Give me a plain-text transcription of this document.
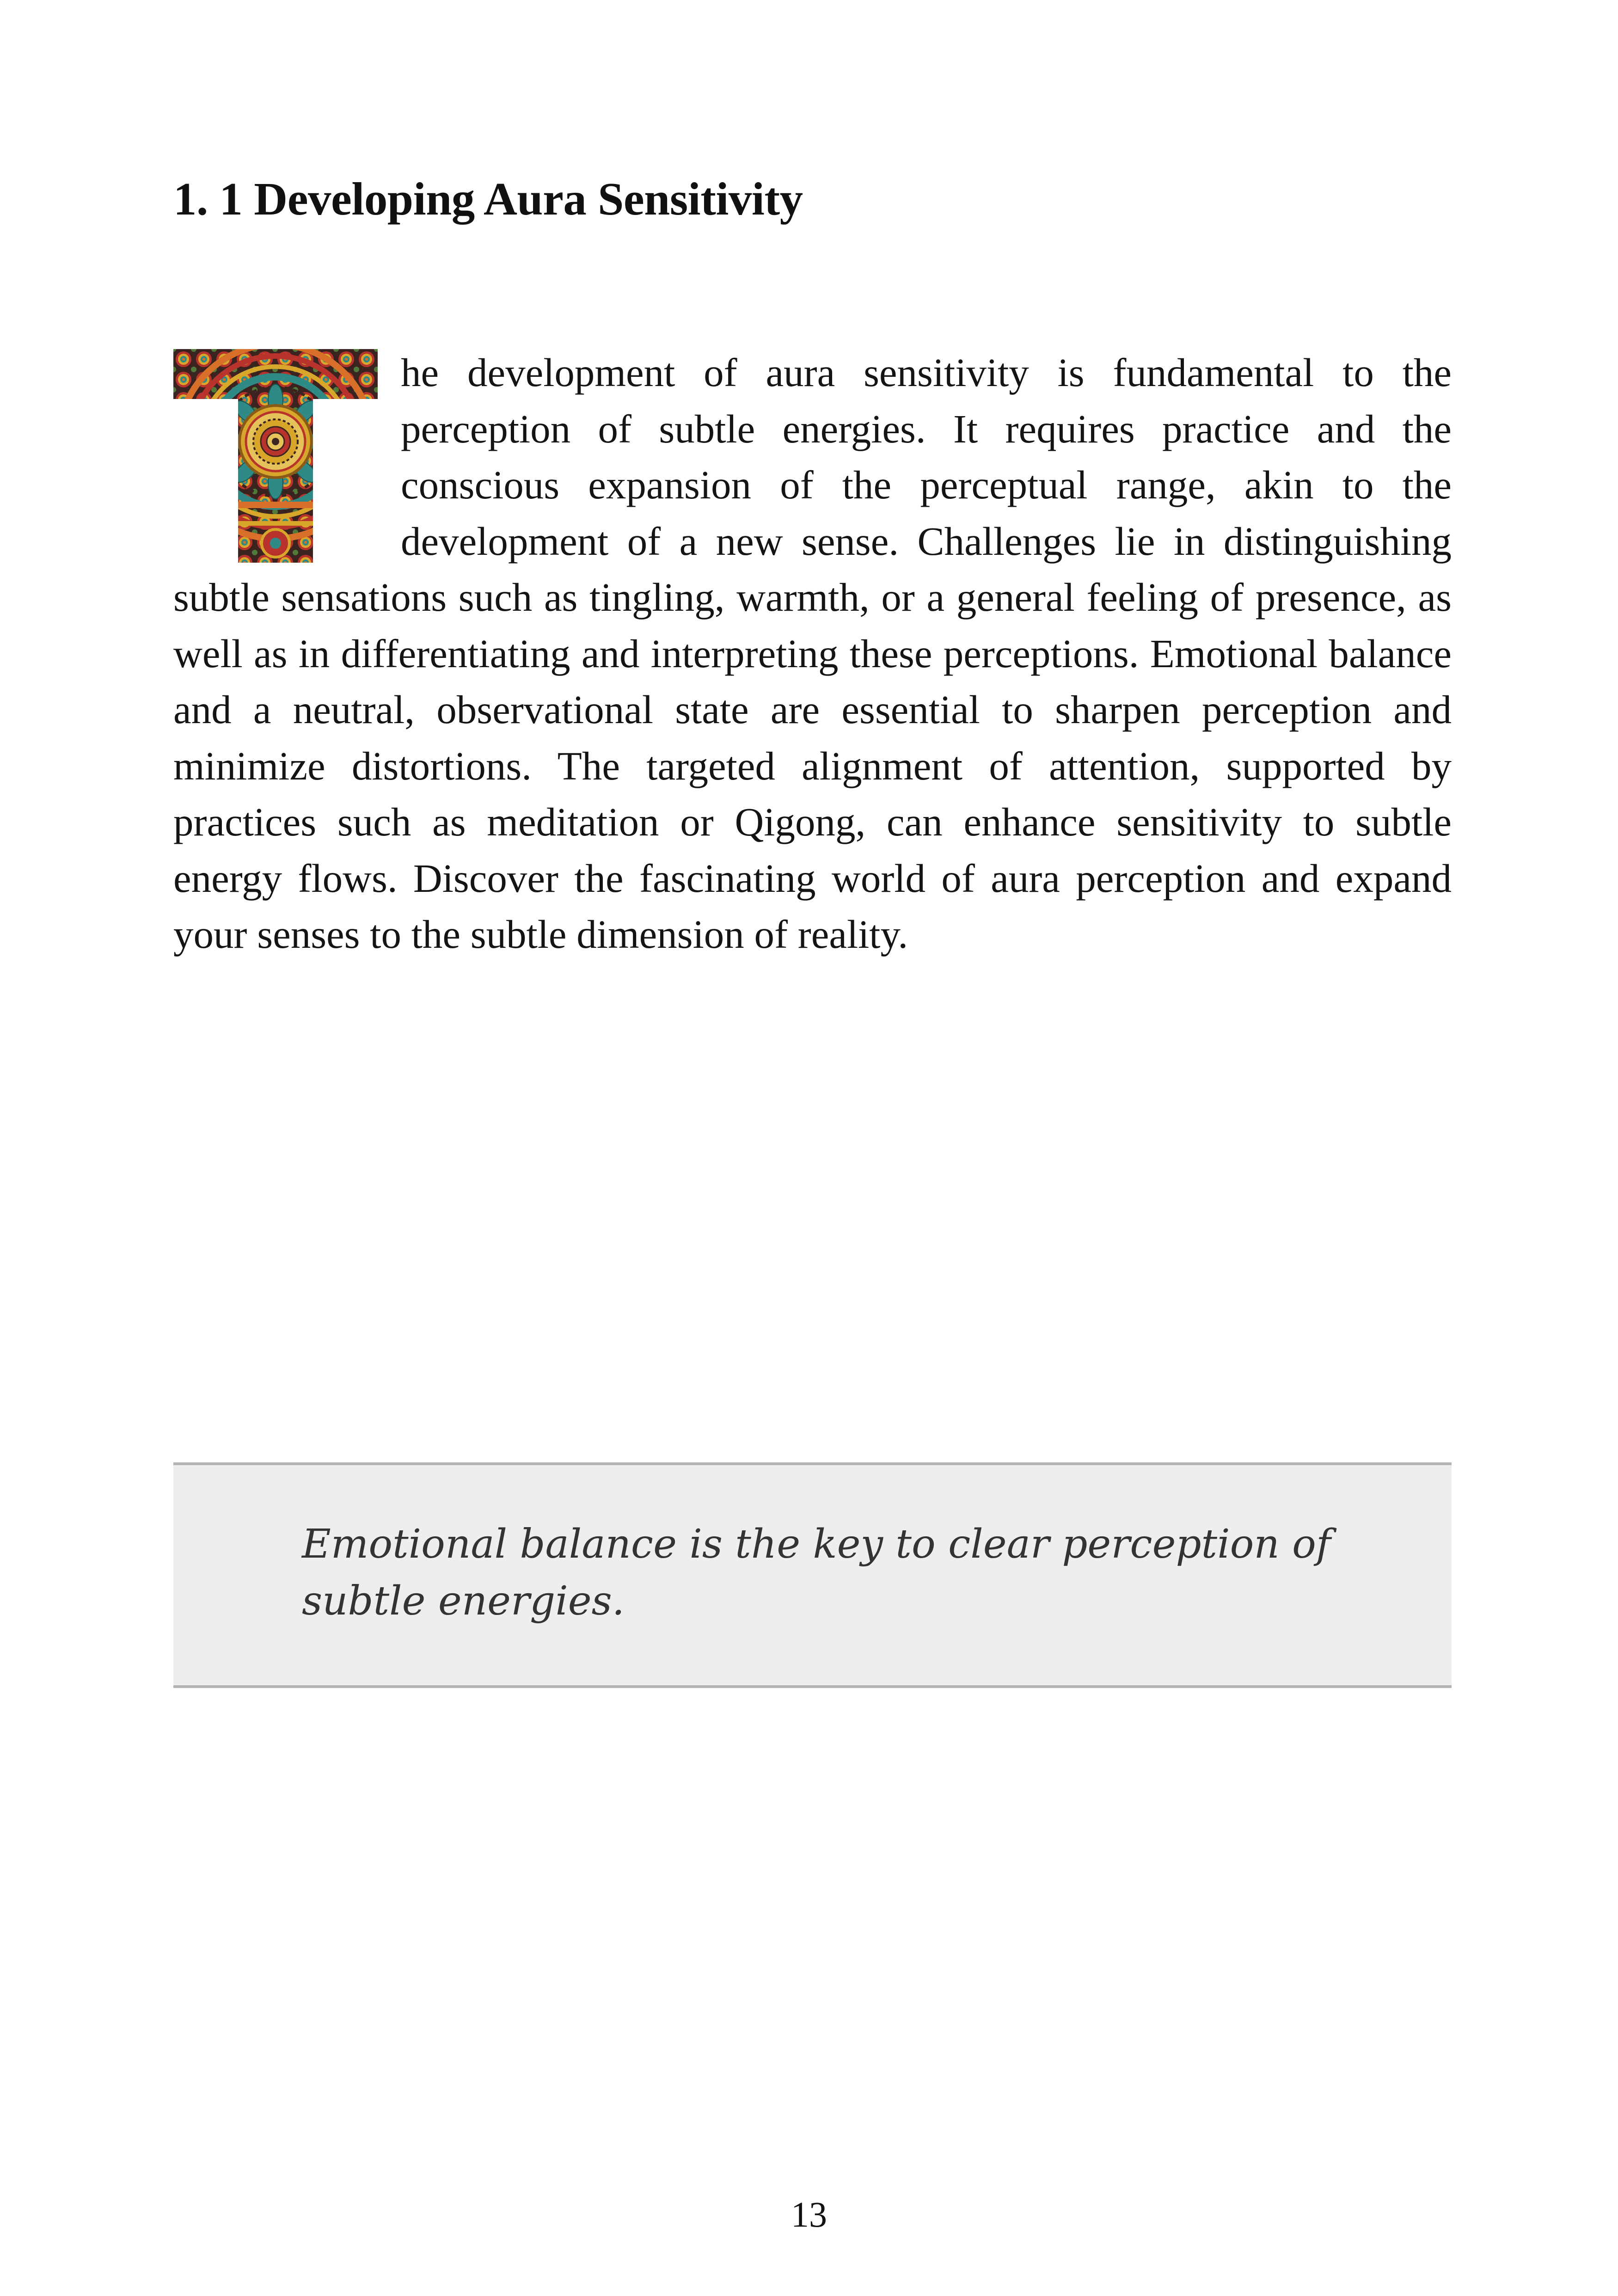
1. 1 Developing Aura Sensitivity
he development of aura sensitivity is fundamental to the perception of subtle energies. It requires practice and the conscious expansion of the perceptual range, akin to the development of a new sense. Challenges lie in distinguishing subtle sensations such as tingling, warmth, or a general feeling of presence, as well as in differentiating and interpreting these perceptions. Emotional balance and a neutral, observational state are essential to sharpen perception and minimize distortions. The targeted alignment of attention, supported by practices such as meditation or Qigong, can enhance sensitivity to subtle energy flows. Discover the fascinating world of aura perception and expand your senses to the subtle dimension of reality.

Emotional balance is the key to clear perception of subtle energies.

13
